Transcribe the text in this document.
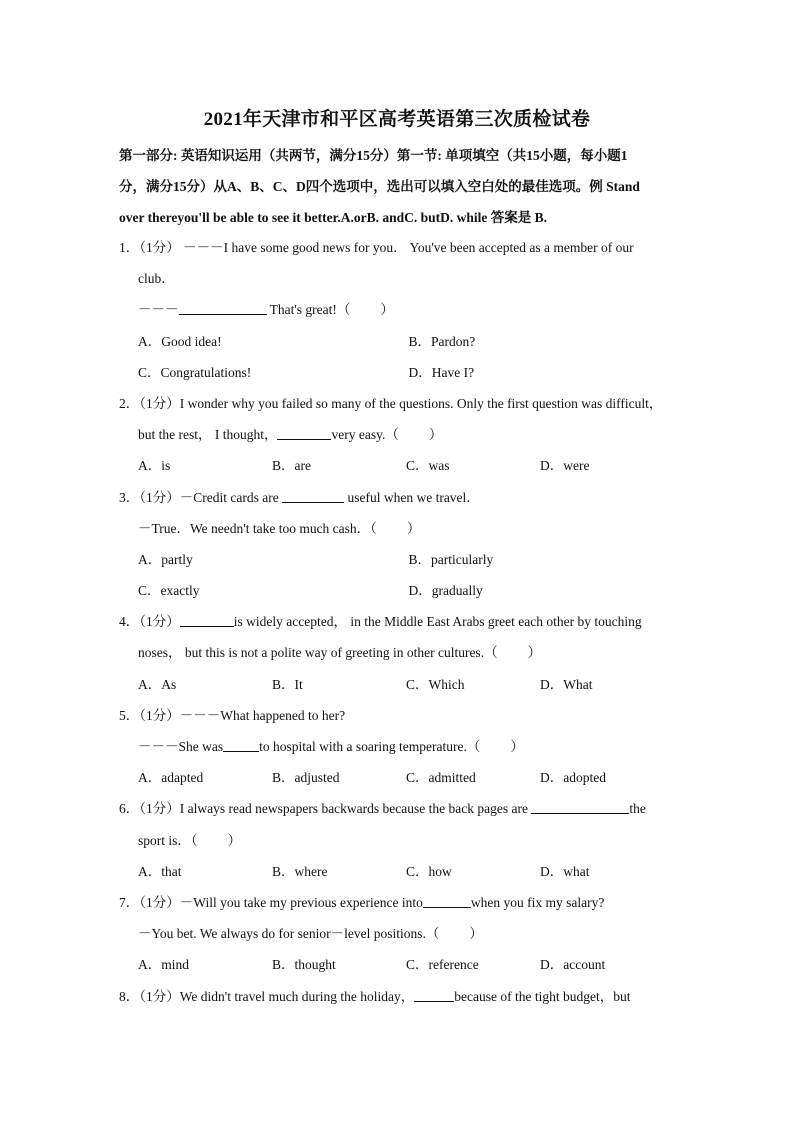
2021年天津市和平区高考英语第三次质检试卷

第一部分: 英语知识运用（共两节，满分15分）第一节: 单项填空（共15小题，每小题1

分，满分15分）从A、B、C、D四个选项中，选出可以填入空白处的最佳选项。例 Stand

over thereyou'll be able to see it better.A.orB. andC. butD. while 答案是 B.

1．（1分） －－－I have some good news for you． You've been accepted as a member of our
club．
－－－	That's great!（ ）
A．Good idea!	B．Pardon?
C．Congratulations!	D．Have I?
2．（1分）I wonder why you failed so many of the questions. Only the first question was difficult，
but the rest， I thought，	very easy.（ ）
A．is	B．are	C．was	D．were
3．（1分）－Credit cards are	useful when we travel．
－True．We needn't take too much cash．（ ）
A．partly	B．particularly
C．exactly	D．gradually
4．（1分）	is widely accepted， in the Middle East Arabs greet each other by touching
noses， but this is not a polite way of greeting in other cultures.（ ）
A．As	B．It	C．Which	D．What
5．（1分）－－－What happened to her?
－－－She was	to hospital with a soaring temperature.（ ）
A．adapted	B．adjusted	C．admitted	D．adopted
6．（1分）I always read newspapers backwards because the back pages are	the
sport is．（ ）
A．that	B．where	C．how	D．what
7．（1分）－Will you take my previous experience into	when you fix my salary?
－You bet. We always do for senior－level positions.（ ）
A．mind	B．thought	C．reference	D．account
8．（1分）We didn't travel much during the holiday，	because of the tight budget，but
